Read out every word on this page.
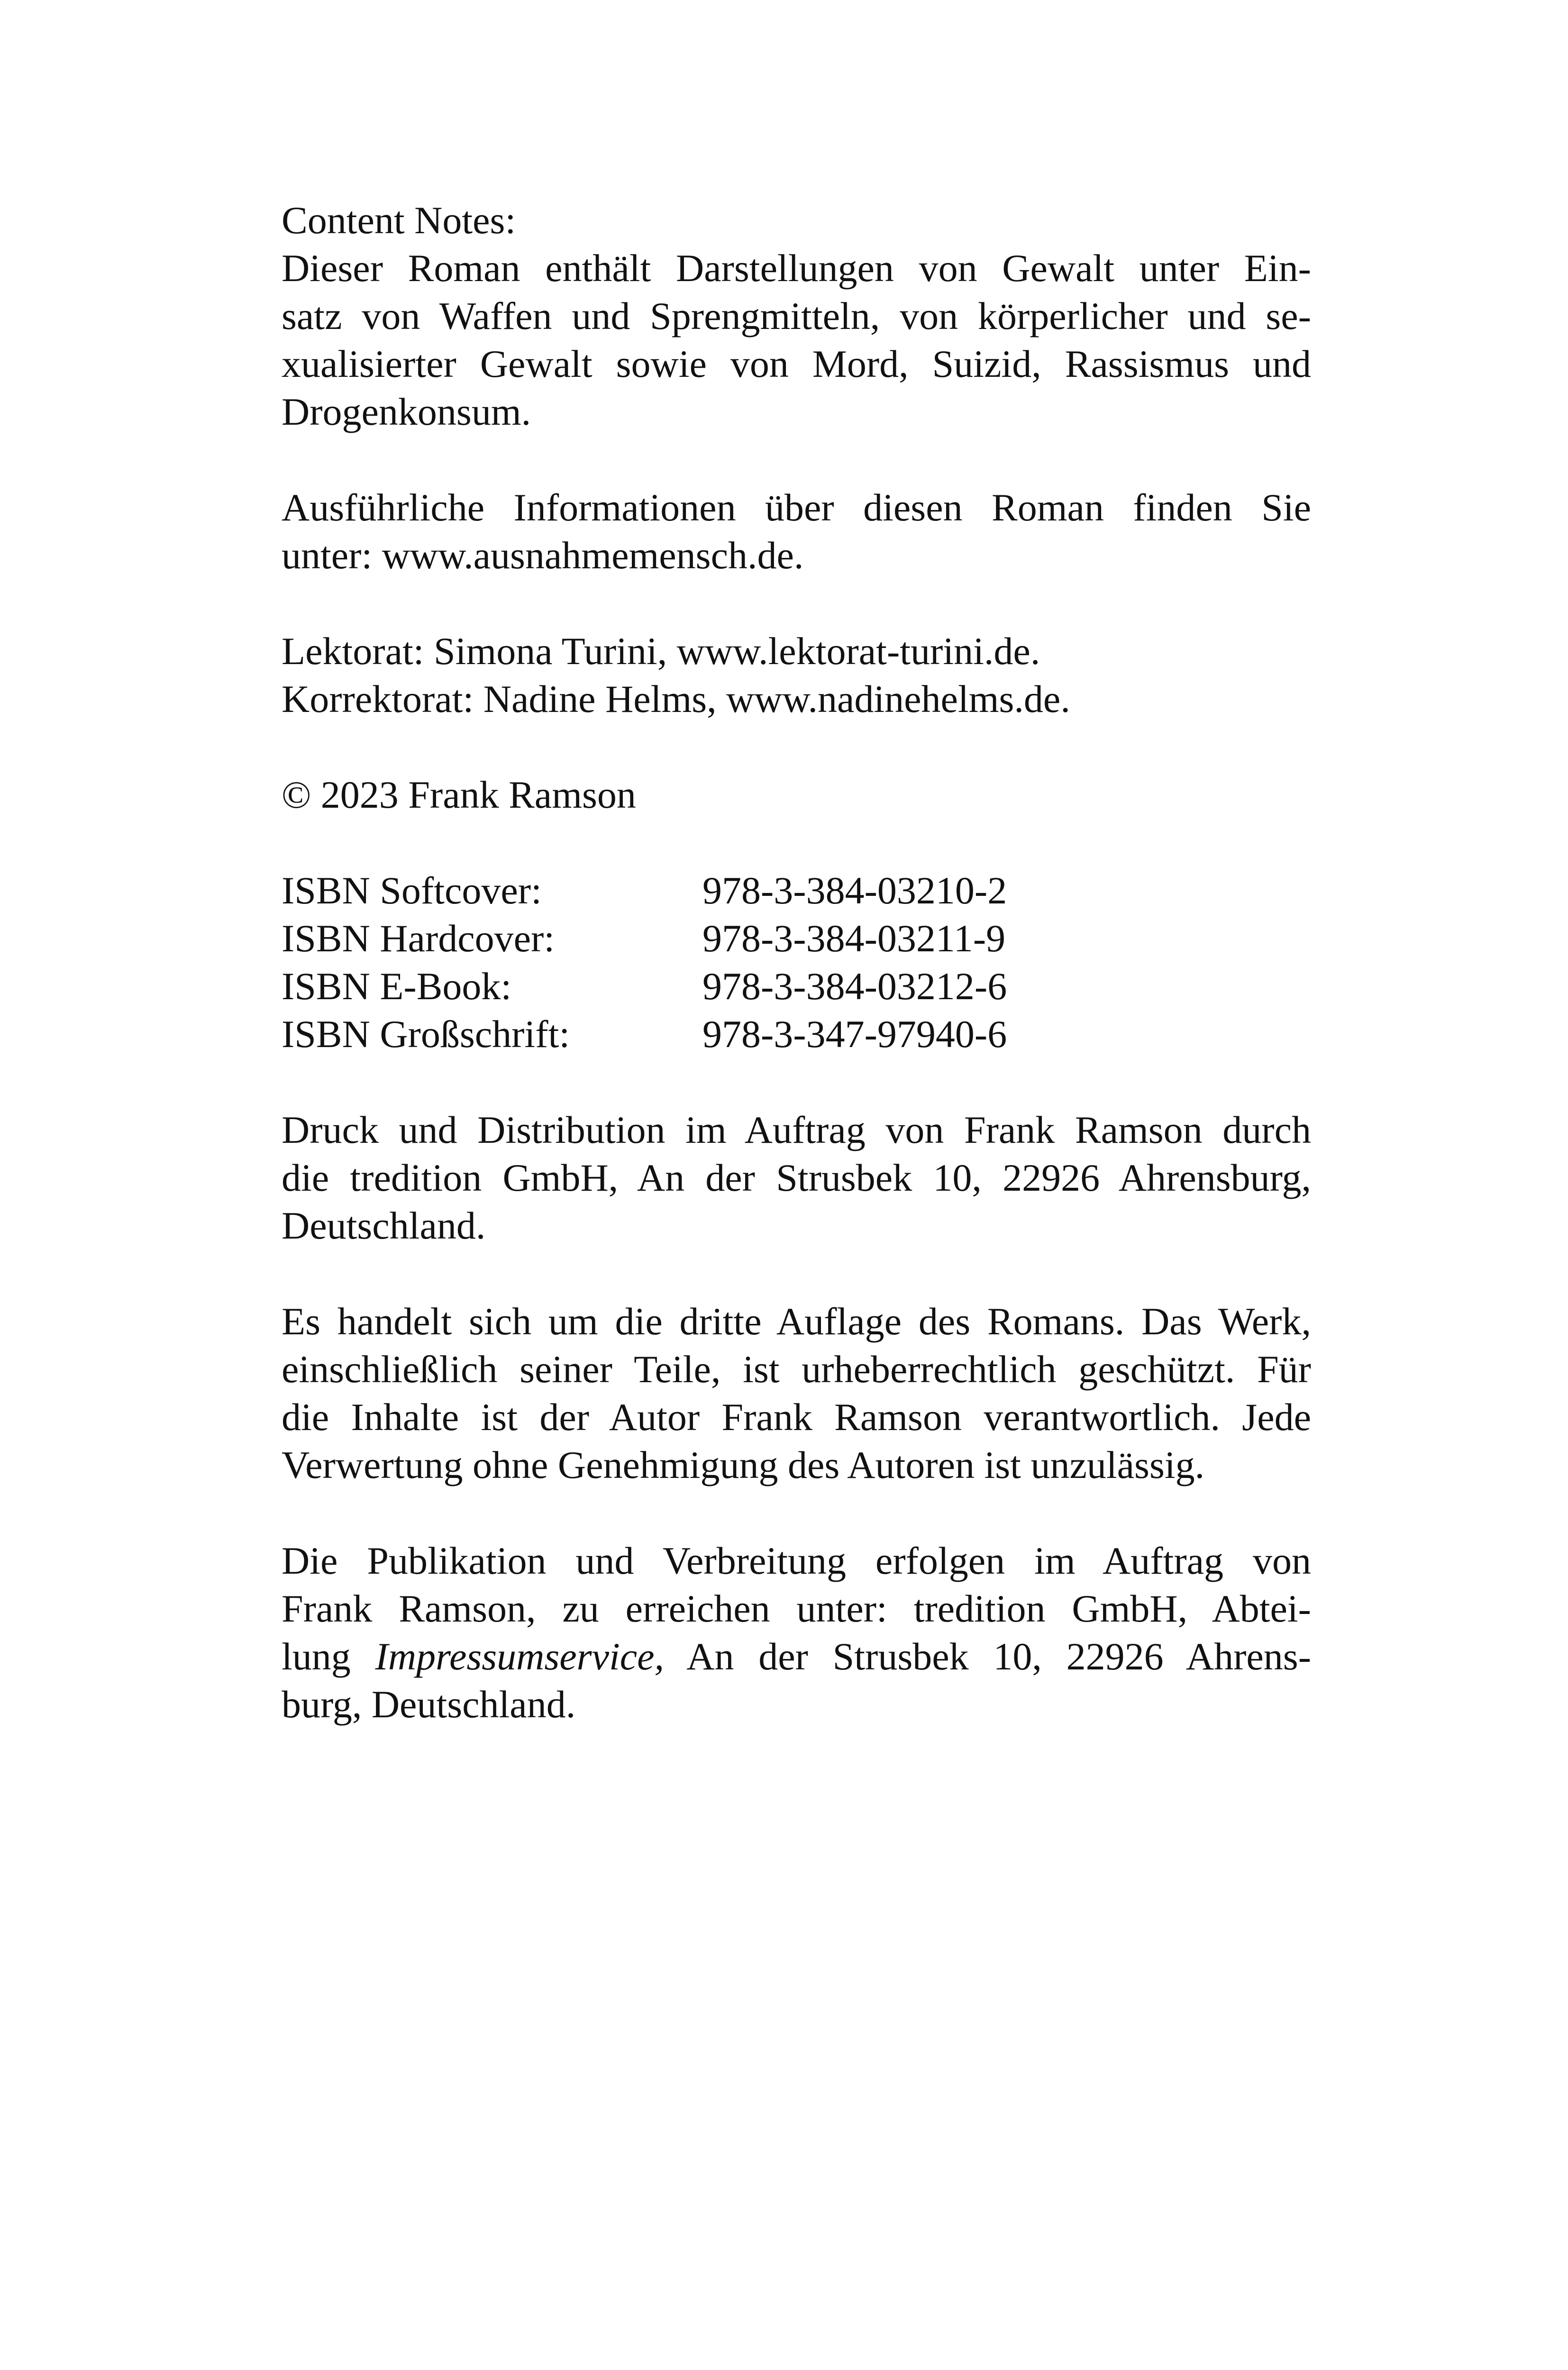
Content Notes:
Dieser Roman enthält Darstellungen von Gewalt unter Ein-
satz von Waffen und Sprengmitteln, von körperlicher und se-
xualisierter Gewalt sowie von Mord, Suizid, Rassismus und
Drogenkonsum.
Ausführliche Informationen über diesen Roman finden Sie
unter: www.ausnahmemensch.de.
Lektorat: Simona Turini, www.lektorat-turini.de.
Korrektorat: Nadine Helms, www.nadinehelms.de.
© 2023 Frank Ramson
ISBN Softcover:	978-3-384-03210-2
ISBN Hardcover:	978-3-384-03211-9
ISBN E-Book:	978-3-384-03212-6
ISBN Großschrift:	978-3-347-97940-6
Druck und Distribution im Auftrag von Frank Ramson durch
die tredition GmbH, An der Strusbek 10, 22926 Ahrensburg,
Deutschland.
Es handelt sich um die dritte Auflage des Romans. Das Werk,
einschließlich seiner Teile, ist urheberrechtlich geschützt. Für
die Inhalte ist der Autor Frank Ramson verantwortlich. Jede
Verwertung ohne Genehmigung des Autoren ist unzulässig.
Die Publikation und Verbreitung erfolgen im Auftrag von
Frank Ramson, zu erreichen unter: tredition GmbH, Abtei-
lung Impressumservice, An der Strusbek 10, 22926 Ahrens-
burg, Deutschland.
